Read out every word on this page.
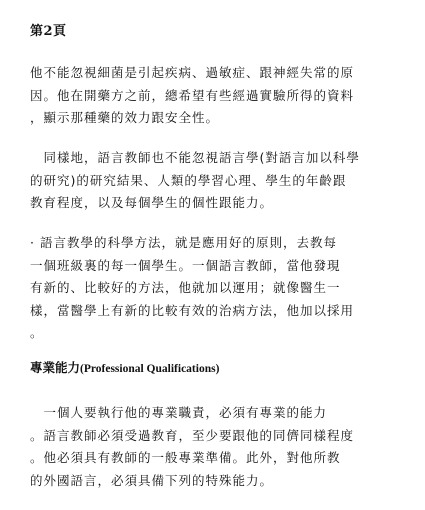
第2頁
他不能忽視細菌是引起疾病、過敏症、跟神經失常的原
因。他在開藥方之前，總希望有些經過實驗所得的資料
，顯示那種藥的效力跟安全性。
　同樣地，語言教師也不能忽視語言學(對語言加以科學
的研究)的研究結果、人類的學習心理、學生的年齡跟
教育程度，以及每個學生的個性跟能力。
· 語言教學的科學方法，就是應用好的原則，去教每
一個班級裏的每一個學生。一個語言教師，當他發現
有新的、比較好的方法，他就加以運用；就像醫生一
樣，當醫學上有新的比較有效的治病方法，他加以採用
。
專業能力(Professional Qualifications)
　一個人要執行他的專業職責，必須有專業的能力
。語言教師必須受過教育，至少要跟他的同儕同樣程度
。他必須具有教師的一般專業準備。此外，對他所教
的外國語言，必須具備下列的特殊能力。
